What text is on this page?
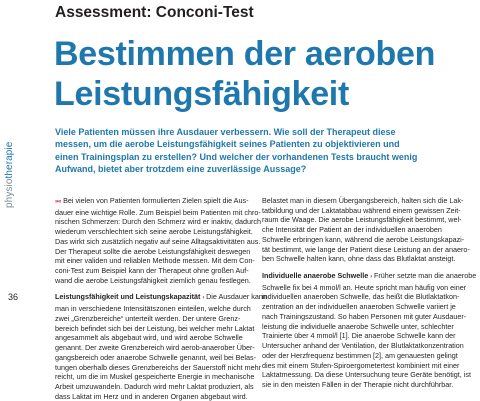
physiotherapie
36
Assessment: Conconi-Test
Bestimmen der aeroben
Leistungsfähigkeit
Viele Patienten müssen ihre Ausdauer verbessern. Wie soll der Therapeut diese
messen, um die aerobe Leistungsfähigkeit seines Patienten zu objektivieren und
einen Trainingsplan zu erstellen? Und welcher der vorhandenen Tests braucht wenig
Aufwand, bietet aber trotzdem eine zuverlässige Aussage?
»« Bei vielen von Patienten formulierten Zielen spielt die Aus-
dauer eine wichtige Rolle. Zum Beispiel beim Patienten mit chro-
nischen Schmerzen: Durch den Schmerz wird er inaktiv, dadurch
wiederum verschlechtert sich seine aerobe Leistungsfähigkeit.
Das wirkt sich zusätzlich negativ auf seine Alltagsaktivitäten aus.
Der Therapeut sollte die aerobe Leistungsfähigkeit deswegen
mit einer validen und reliablen Methode messen. Mit dem Con-
coni-Test zum Beispiel kann der Therapeut ohne großen Auf-
wand die aerobe Leistungsfähigkeit ziemlich genau festlegen.
Leistungsfähigkeit und Leistungskapazität › Die Ausdauer kann
man in verschiedene Intensitätszonen einteilen, welche durch
zwei „Grenzbereiche“ unterteilt werden. Der untere Grenz-
bereich befindet sich bei der Leistung, bei welcher mehr Laktat
angesammelt als abgebaut wird, und wird aerobe Schwelle
genannt. Der zweite Grenzbereich wird aerob-anaerober Über-
gangsbereich oder anaerobe Schwelle genannt, weil bei Belas-
tungen oberhalb dieses Grenzbereichs der Sauerstoff nicht mehr
reicht, um die im Muskel gespeicherte Energie in mechanische
Arbeit umzuwandeln. Dadurch wird mehr Laktat produziert, als
dass Laktat im Herz und in anderen Organen abgebaut wird.
Belastet man in diesem Übergangsbereich, halten sich die Lak-
tatbildung und der Laktatabbau während einem gewissen Zeit-
raum die Waage. Die aerobe Leistungsfähigkeit bestimmt, wel-
che Intensität der Patient an der individuellen anaeroben
Schwelle erbringen kann, während die aerobe Leistungskapazi-
tät bestimmt, wie lange der Patient diese Leistung an der anaero-
ben Schwelle halten kann, ohne dass das Blutlaktat ansteigt.
Individuelle anaerobe Schwelle › Früher setzte man die anaerobe
Schwelle fix bei 4 mmol/l an. Heute spricht man häufig von einer
individuellen anaeroben Schwelle, das heißt die Blutlaktatkon-
zentration an der individuellen anaeroben Schwelle variiert je
nach Trainingszustand. So haben Personen mit guter Ausdauer-
leistung die individuelle anaerobe Schwelle unter, schlechter
Trainierte über 4 mmol/l [1]. Die anaerobe Schwelle kann der
Untersucher anhand der Ventilation, der Blutlaktatkonzentration
oder der Herzfrequenz bestimmen [2], am genauesten gelingt
dies mit einem Stufen-Spiroergometertest kombiniert mit einer
Laktatmessung. Da diese Untersuchung teure Geräte benötigt, ist
sie in den meisten Fällen in der Therapie nicht durchführbar.
